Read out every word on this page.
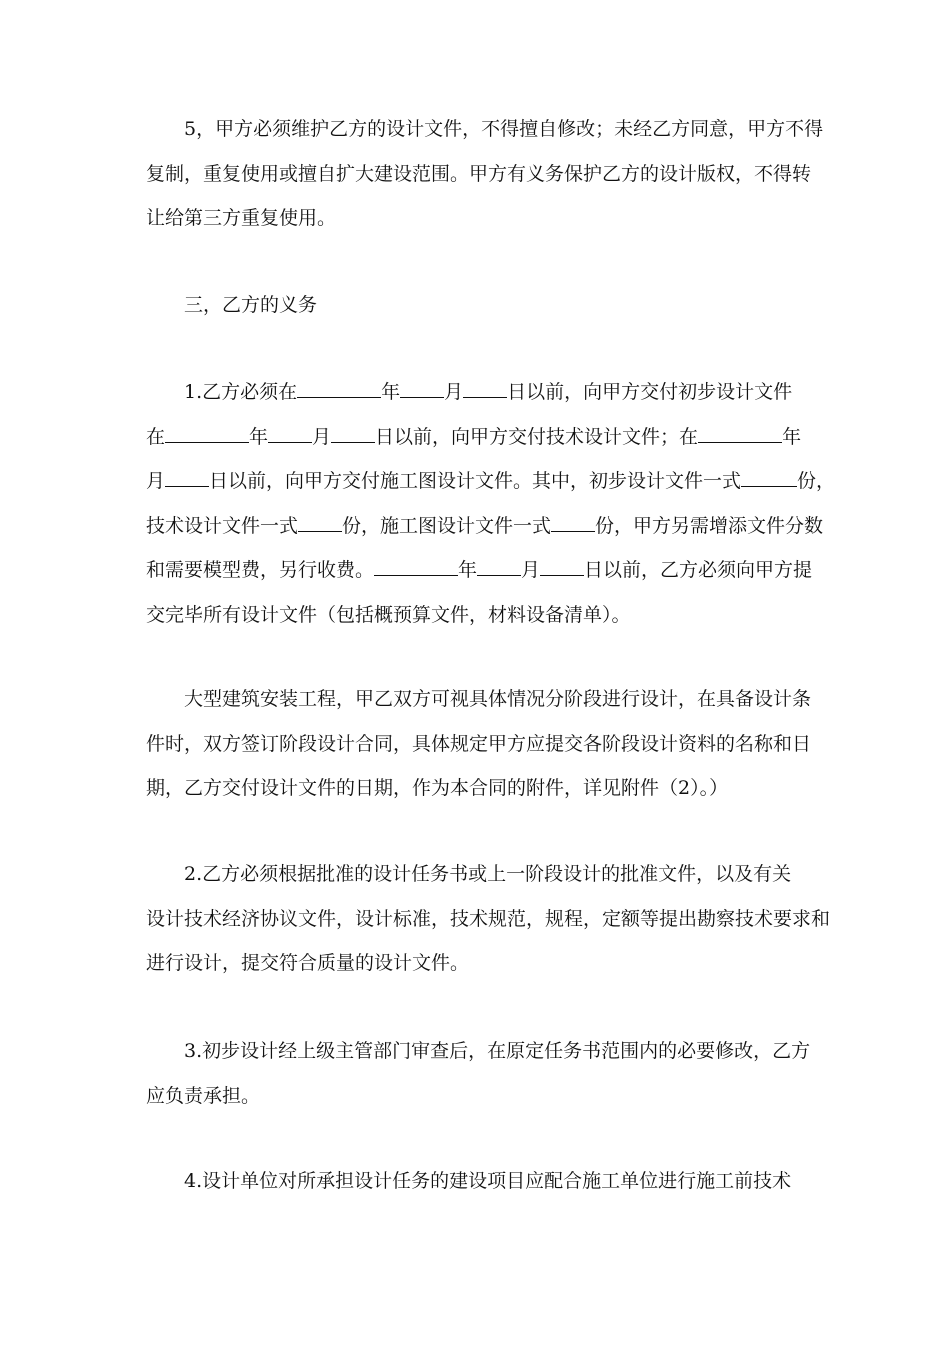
5，甲方必须维护乙方的设计文件，不得擅自修改；未经乙方同意，甲方不得
复制，重复使用或擅自扩大建设范围。甲方有义务保护乙方的设计版权，不得转
让给第三方重复使用。
三，乙方的义务
1.乙方必须在	年 月 日以前，向甲方交付初步设计文件
在	年 月 日以前，向甲方交付技术设计文件；在	年
月 日以前，向甲方交付施工图设计文件。其中，初步设计文件一式	份，
技术设计文件一式 份，施工图设计文件一式 份，甲方另需增添文件分数
和需要模型费，另行收费。	年 月 日以前，乙方必须向甲方提
交完毕所有设计文件（包括概预算文件，材料设备清单）。
大型建筑安装工程，甲乙双方可视具体情况分阶段进行设计，在具备设计条
件时，双方签订阶段设计合同，具体规定甲方应提交各阶段设计资料的名称和日
期，乙方交付设计文件的日期，作为本合同的附件，详见附件（2）。）
2.乙方必须根据批准的设计任务书或上一阶段设计的批准文件，以及有关
设计技术经济协议文件，设计标准，技术规范，规程，定额等提出勘察技术要求和
进行设计，提交符合质量的设计文件。
3.初步设计经上级主管部门审查后，在原定任务书范围内的必要修改，乙方
应负责承担。
4.设计单位对所承担设计任务的建设项目应配合施工单位进行施工前技术
